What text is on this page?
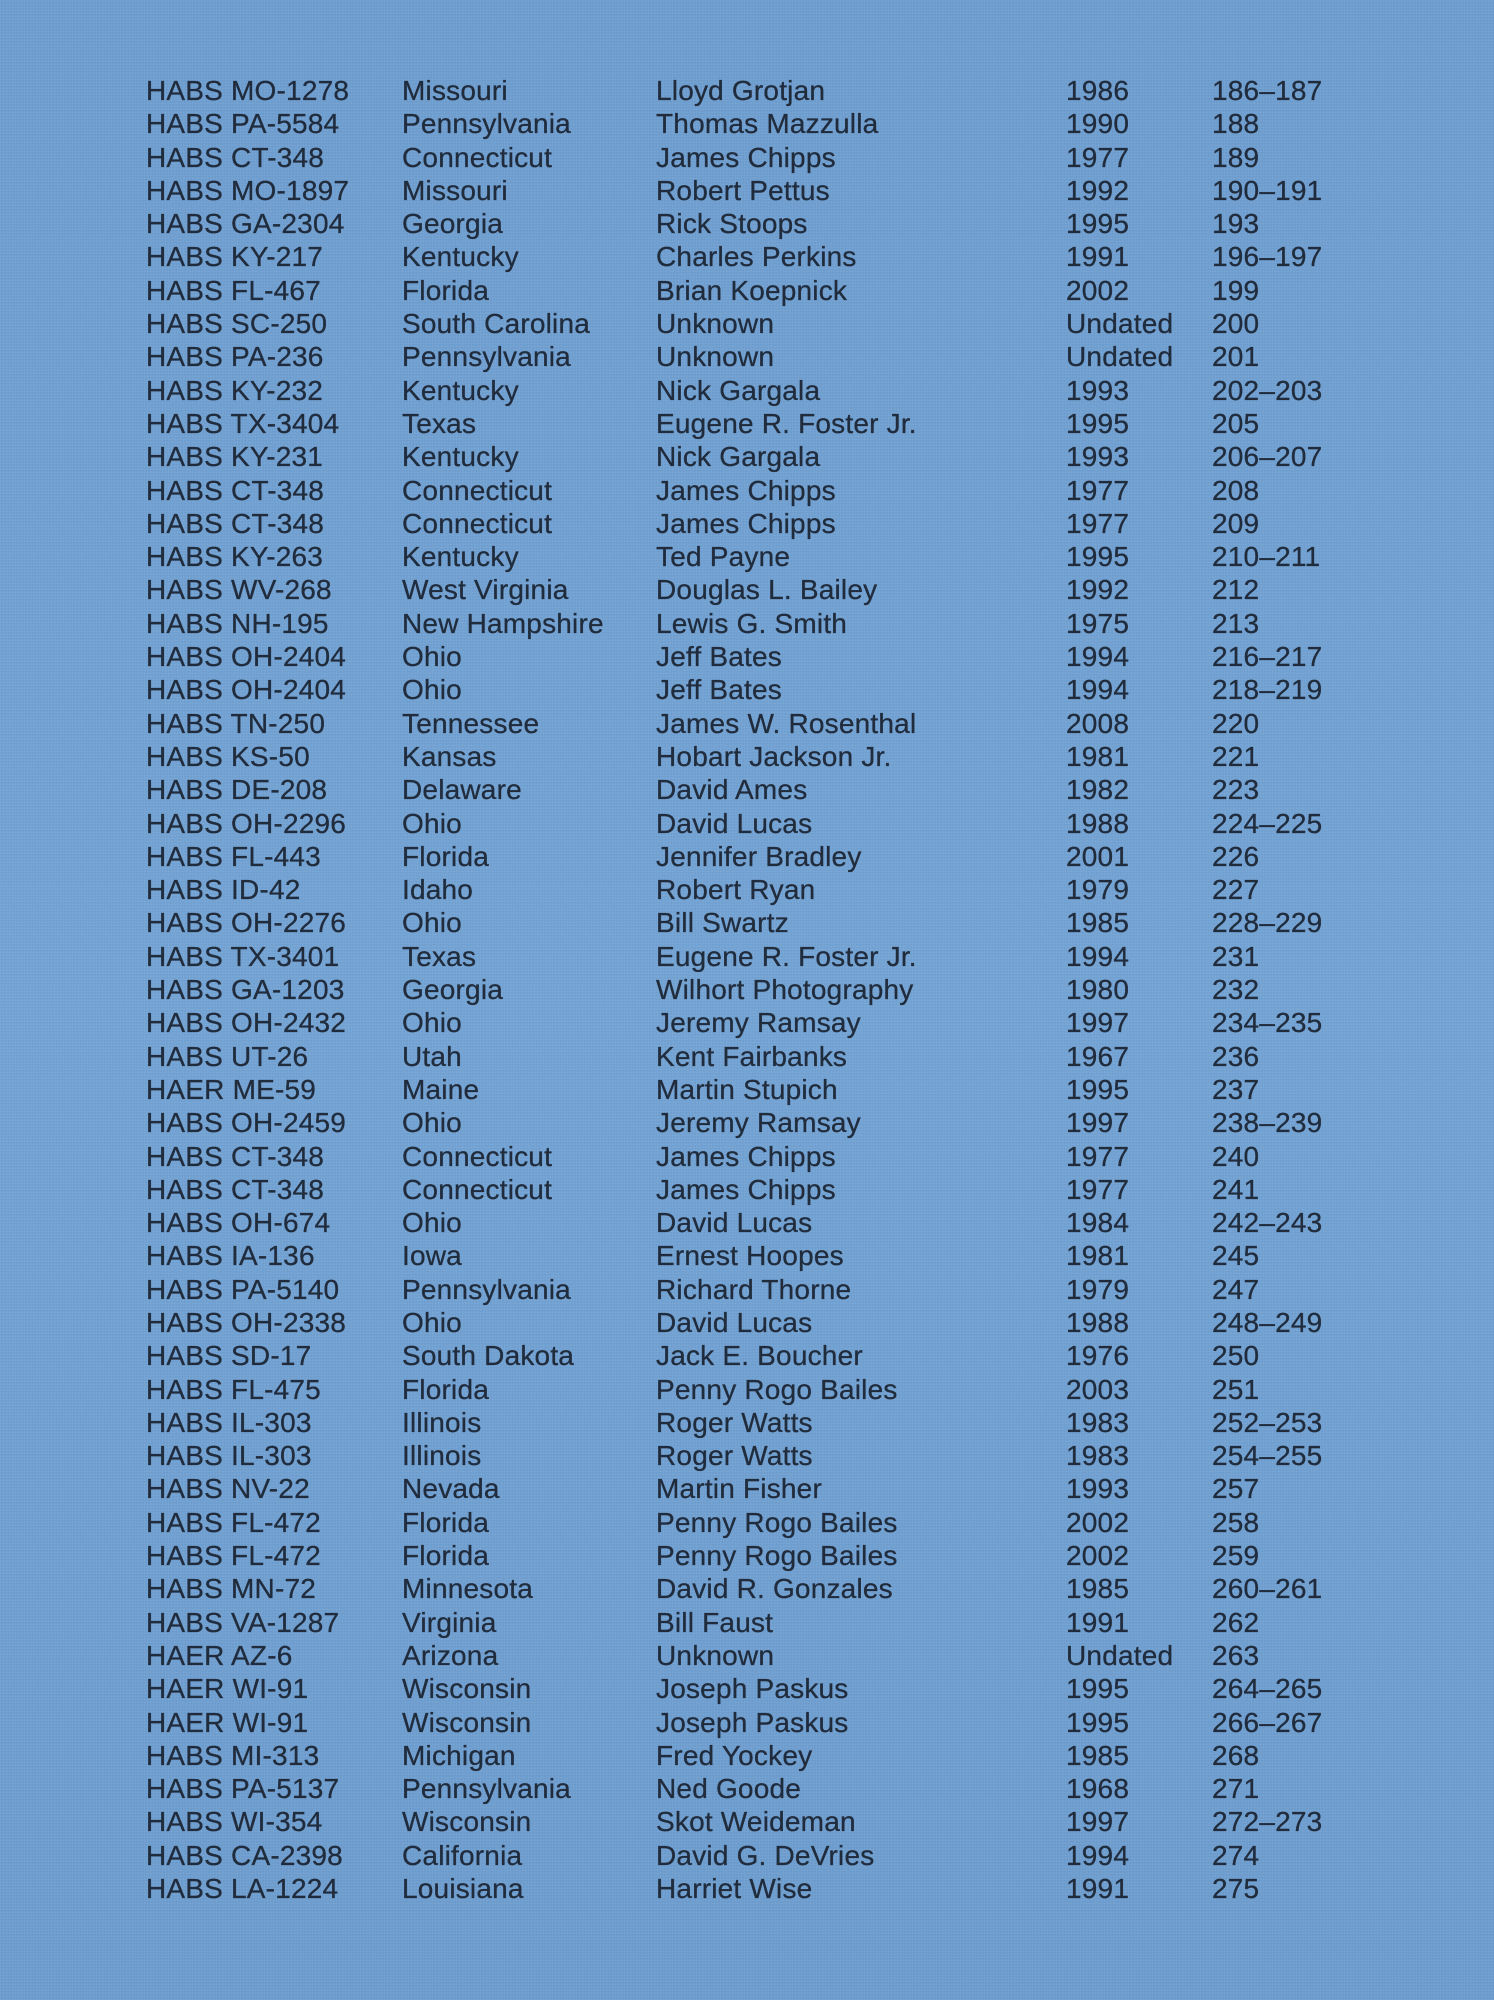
HABS MO-1278	Missouri	Lloyd Grotjan	1986	186–187
HABS PA-5584	Pennsylvania	Thomas Mazzulla	1990	188
HABS CT-348	Connecticut	James Chipps	1977	189
HABS MO-1897	Missouri	Robert Pettus	1992	190–191
HABS GA-2304	Georgia	Rick Stoops	1995	193
HABS KY-217	Kentucky	Charles Perkins	1991	196–197
HABS FL-467	Florida	Brian Koepnick	2002	199
HABS SC-250	South Carolina	Unknown	Undated	200
HABS PA-236	Pennsylvania	Unknown	Undated	201
HABS KY-232	Kentucky	Nick Gargala	1993	202–203
HABS TX-3404	Texas	Eugene R. Foster Jr.	1995	205
HABS KY-231	Kentucky	Nick Gargala	1993	206–207
HABS CT-348	Connecticut	James Chipps	1977	208
HABS CT-348	Connecticut	James Chipps	1977	209
HABS KY-263	Kentucky	Ted Payne	1995	210–211
HABS WV-268	West Virginia	Douglas L. Bailey	1992	212
HABS NH-195	New Hampshire	Lewis G. Smith	1975	213
HABS OH-2404	Ohio	Jeff Bates	1994	216–217
HABS OH-2404	Ohio	Jeff Bates	1994	218–219
HABS TN-250	Tennessee	James W. Rosenthal	2008	220
HABS KS-50	Kansas	Hobart Jackson Jr.	1981	221
HABS DE-208	Delaware	David Ames	1982	223
HABS OH-2296	Ohio	David Lucas	1988	224–225
HABS FL-443	Florida	Jennifer Bradley	2001	226
HABS ID-42	Idaho	Robert Ryan	1979	227
HABS OH-2276	Ohio	Bill Swartz	1985	228–229
HABS TX-3401	Texas	Eugene R. Foster Jr.	1994	231
HABS GA-1203	Georgia	Wilhort Photography	1980	232
HABS OH-2432	Ohio	Jeremy Ramsay	1997	234–235
HABS UT-26	Utah	Kent Fairbanks	1967	236
HAER ME-59	Maine	Martin Stupich	1995	237
HABS OH-2459	Ohio	Jeremy Ramsay	1997	238–239
HABS CT-348	Connecticut	James Chipps	1977	240
HABS CT-348	Connecticut	James Chipps	1977	241
HABS OH-674	Ohio	David Lucas	1984	242–243
HABS IA-136	Iowa	Ernest Hoopes	1981	245
HABS PA-5140	Pennsylvania	Richard Thorne	1979	247
HABS OH-2338	Ohio	David Lucas	1988	248–249
HABS SD-17	South Dakota	Jack E. Boucher	1976	250
HABS FL-475	Florida	Penny Rogo Bailes	2003	251
HABS IL-303	Illinois	Roger Watts	1983	252–253
HABS IL-303	Illinois	Roger Watts	1983	254–255
HABS NV-22	Nevada	Martin Fisher	1993	257
HABS FL-472	Florida	Penny Rogo Bailes	2002	258
HABS FL-472	Florida	Penny Rogo Bailes	2002	259
HABS MN-72	Minnesota	David R. Gonzales	1985	260–261
HABS VA-1287	Virginia	Bill Faust	1991	262
HAER AZ-6	Arizona	Unknown	Undated	263
HAER WI-91	Wisconsin	Joseph Paskus	1995	264–265
HAER WI-91	Wisconsin	Joseph Paskus	1995	266–267
HABS MI-313	Michigan	Fred Yockey	1985	268
HABS PA-5137	Pennsylvania	Ned Goode	1968	271
HABS WI-354	Wisconsin	Skot Weideman	1997	272–273
HABS CA-2398	California	David G. DeVries	1994	274
HABS LA-1224	Louisiana	Harriet Wise	1991	275
